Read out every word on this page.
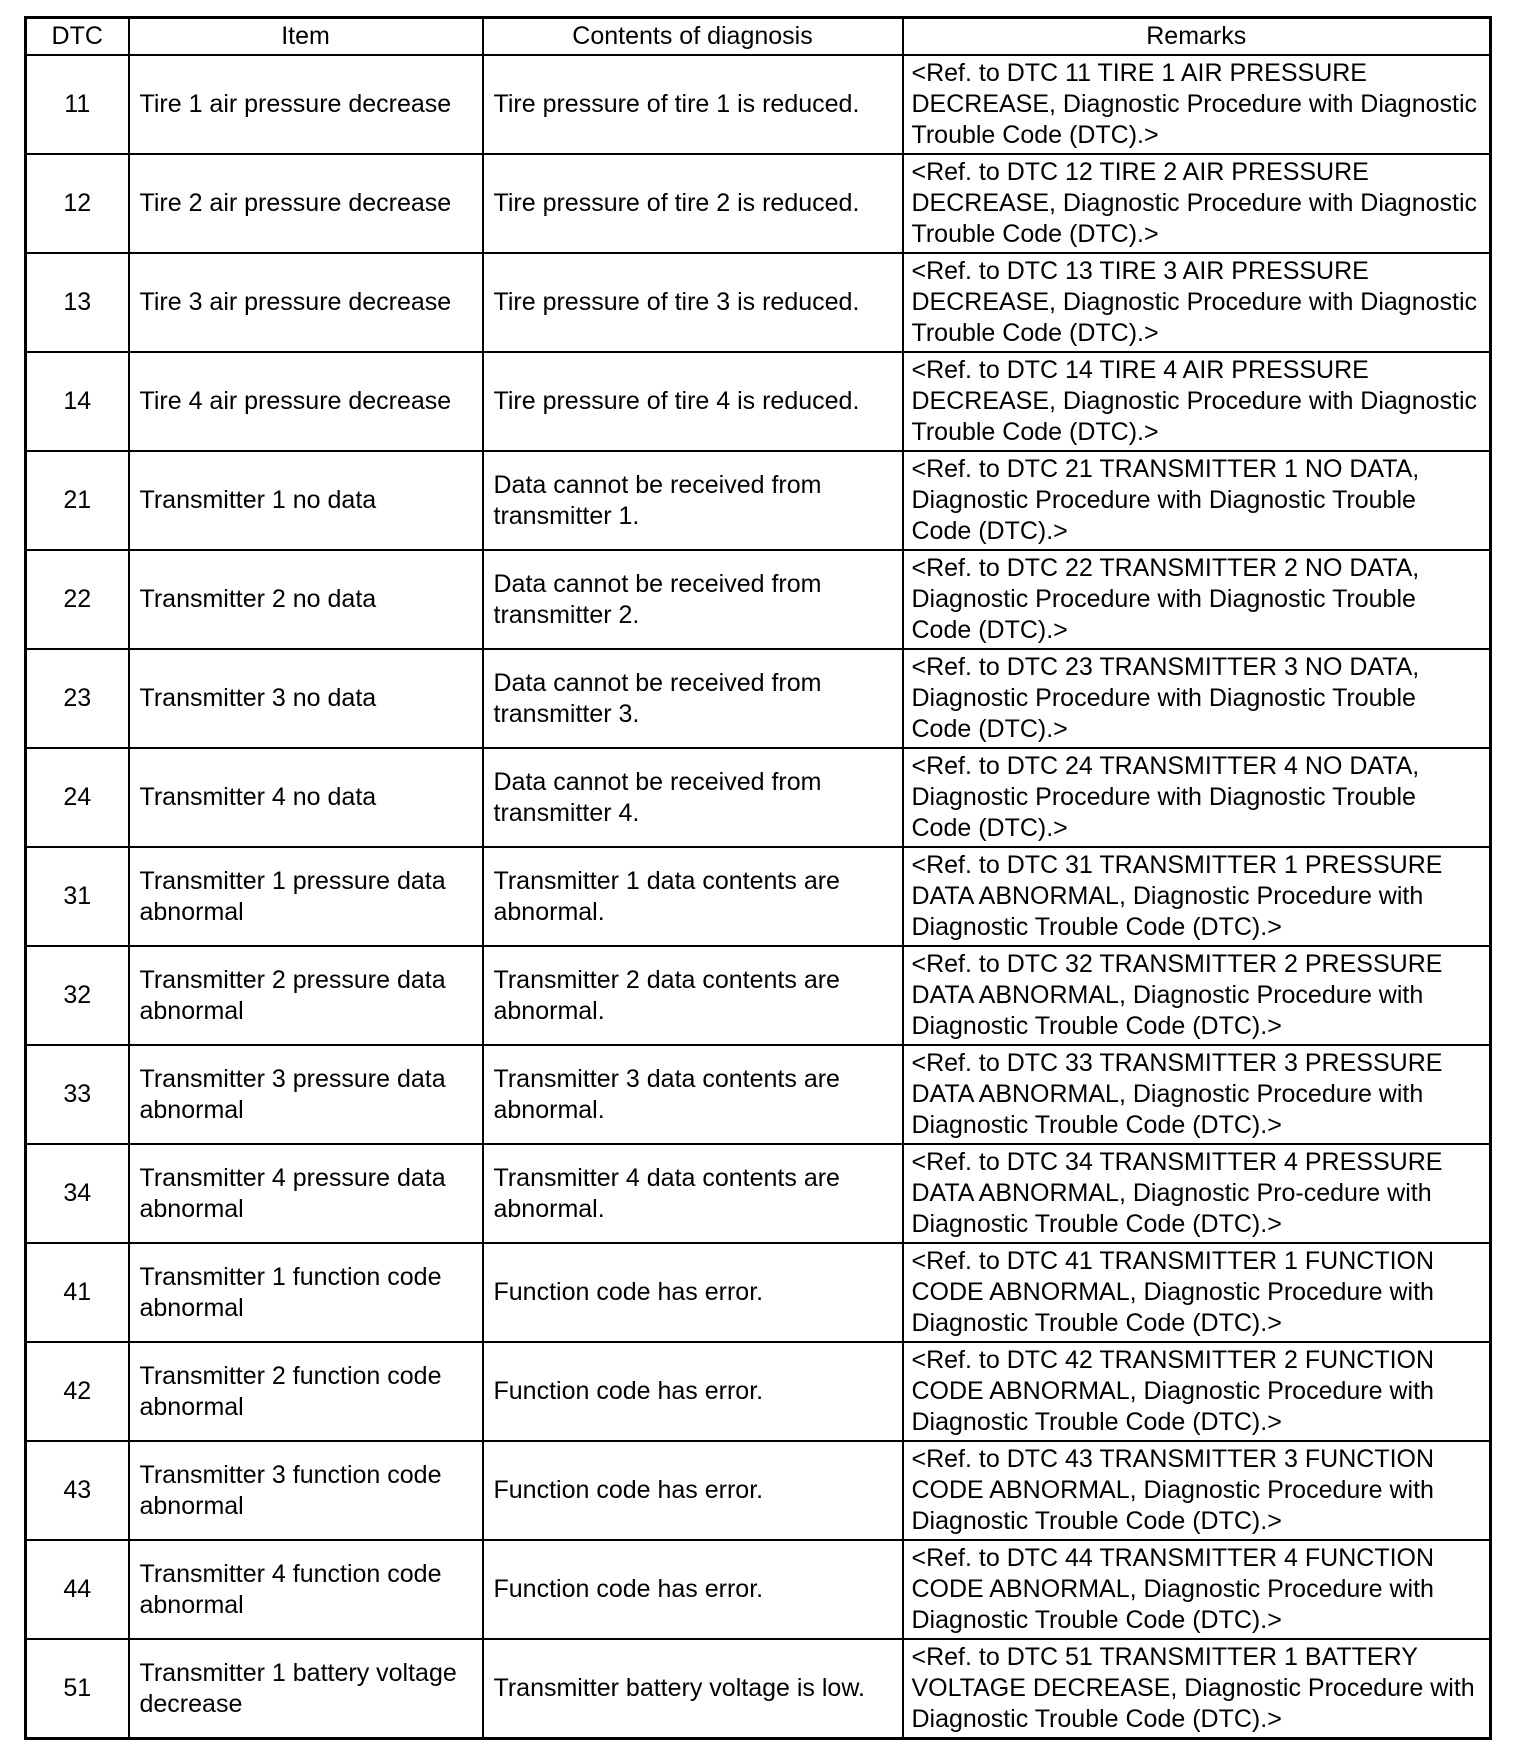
DTC	Item	Contents of diagnosis	Remarks
11	Tire 1 air pressure decrease	Tire pressure of tire 1 is reduced.	<Ref. to DTC 11 TIRE 1 AIR PRESSURE DECREASE, Diagnostic Procedure with Diagnostic Trouble Code (DTC).>
12	Tire 2 air pressure decrease	Tire pressure of tire 2 is reduced.	<Ref. to DTC 12 TIRE 2 AIR PRESSURE DECREASE, Diagnostic Procedure with Diagnostic Trouble Code (DTC).>
13	Tire 3 air pressure decrease	Tire pressure of tire 3 is reduced.	<Ref. to DTC 13 TIRE 3 AIR PRESSURE DECREASE, Diagnostic Procedure with Diagnostic Trouble Code (DTC).>
14	Tire 4 air pressure decrease	Tire pressure of tire 4 is reduced.	<Ref. to DTC 14 TIRE 4 AIR PRESSURE DECREASE, Diagnostic Procedure with Diagnostic Trouble Code (DTC).>
21	Transmitter 1 no data	Data cannot be received from transmitter 1.	<Ref. to DTC 21 TRANSMITTER 1 NO DATA, Diagnostic Procedure with Diagnostic Trouble Code (DTC).>
22	Transmitter 2 no data	Data cannot be received from transmitter 2.	<Ref. to DTC 22 TRANSMITTER 2 NO DATA, Diagnostic Procedure with Diagnostic Trouble Code (DTC).>
23	Transmitter 3 no data	Data cannot be received from transmitter 3.	<Ref. to DTC 23 TRANSMITTER 3 NO DATA, Diagnostic Procedure with Diagnostic Trouble Code (DTC).>
24	Transmitter 4 no data	Data cannot be received from transmitter 4.	<Ref. to DTC 24 TRANSMITTER 4 NO DATA, Diagnostic Procedure with Diagnostic Trouble Code (DTC).>
31	Transmitter 1 pressure data abnormal	Transmitter 1 data contents are abnormal.	<Ref. to DTC 31 TRANSMITTER 1 PRESSURE DATA ABNORMAL, Diagnostic Procedure with Diagnostic Trouble Code (DTC).>
32	Transmitter 2 pressure data abnormal	Transmitter 2 data contents are abnormal.	<Ref. to DTC 32 TRANSMITTER 2 PRESSURE DATA ABNORMAL, Diagnostic Procedure with Diagnostic Trouble Code (DTC).>
33	Transmitter 3 pressure data abnormal	Transmitter 3 data contents are abnormal.	<Ref. to DTC 33 TRANSMITTER 3 PRESSURE DATA ABNORMAL, Diagnostic Procedure with Diagnostic Trouble Code (DTC).>
34	Transmitter 4 pressure data abnormal	Transmitter 4 data contents are abnormal.	<Ref. to DTC 34 TRANSMITTER 4 PRESSURE DATA ABNORMAL, Diagnostic Pro-cedure with Diagnostic Trouble Code (DTC).>
41	Transmitter 1 function code abnormal	Function code has error.	<Ref. to DTC 41 TRANSMITTER 1 FUNCTION CODE ABNORMAL, Diagnostic Procedure with Diagnostic Trouble Code (DTC).>
42	Transmitter 2 function code abnormal	Function code has error.	<Ref. to DTC 42 TRANSMITTER 2 FUNCTION CODE ABNORMAL, Diagnostic Procedure with Diagnostic Trouble Code (DTC).>
43	Transmitter 3 function code abnormal	Function code has error.	<Ref. to DTC 43 TRANSMITTER 3 FUNCTION CODE ABNORMAL, Diagnostic Procedure with Diagnostic Trouble Code (DTC).>
44	Transmitter 4 function code abnormal	Function code has error.	<Ref. to DTC 44 TRANSMITTER 4 FUNCTION CODE ABNORMAL, Diagnostic Procedure with Diagnostic Trouble Code (DTC).>
51	Transmitter 1 battery voltage decrease	Transmitter battery voltage is low.	<Ref. to DTC 51 TRANSMITTER 1 BATTERY VOLTAGE DECREASE, Diagnostic Procedure with Diagnostic Trouble Code (DTC).>
